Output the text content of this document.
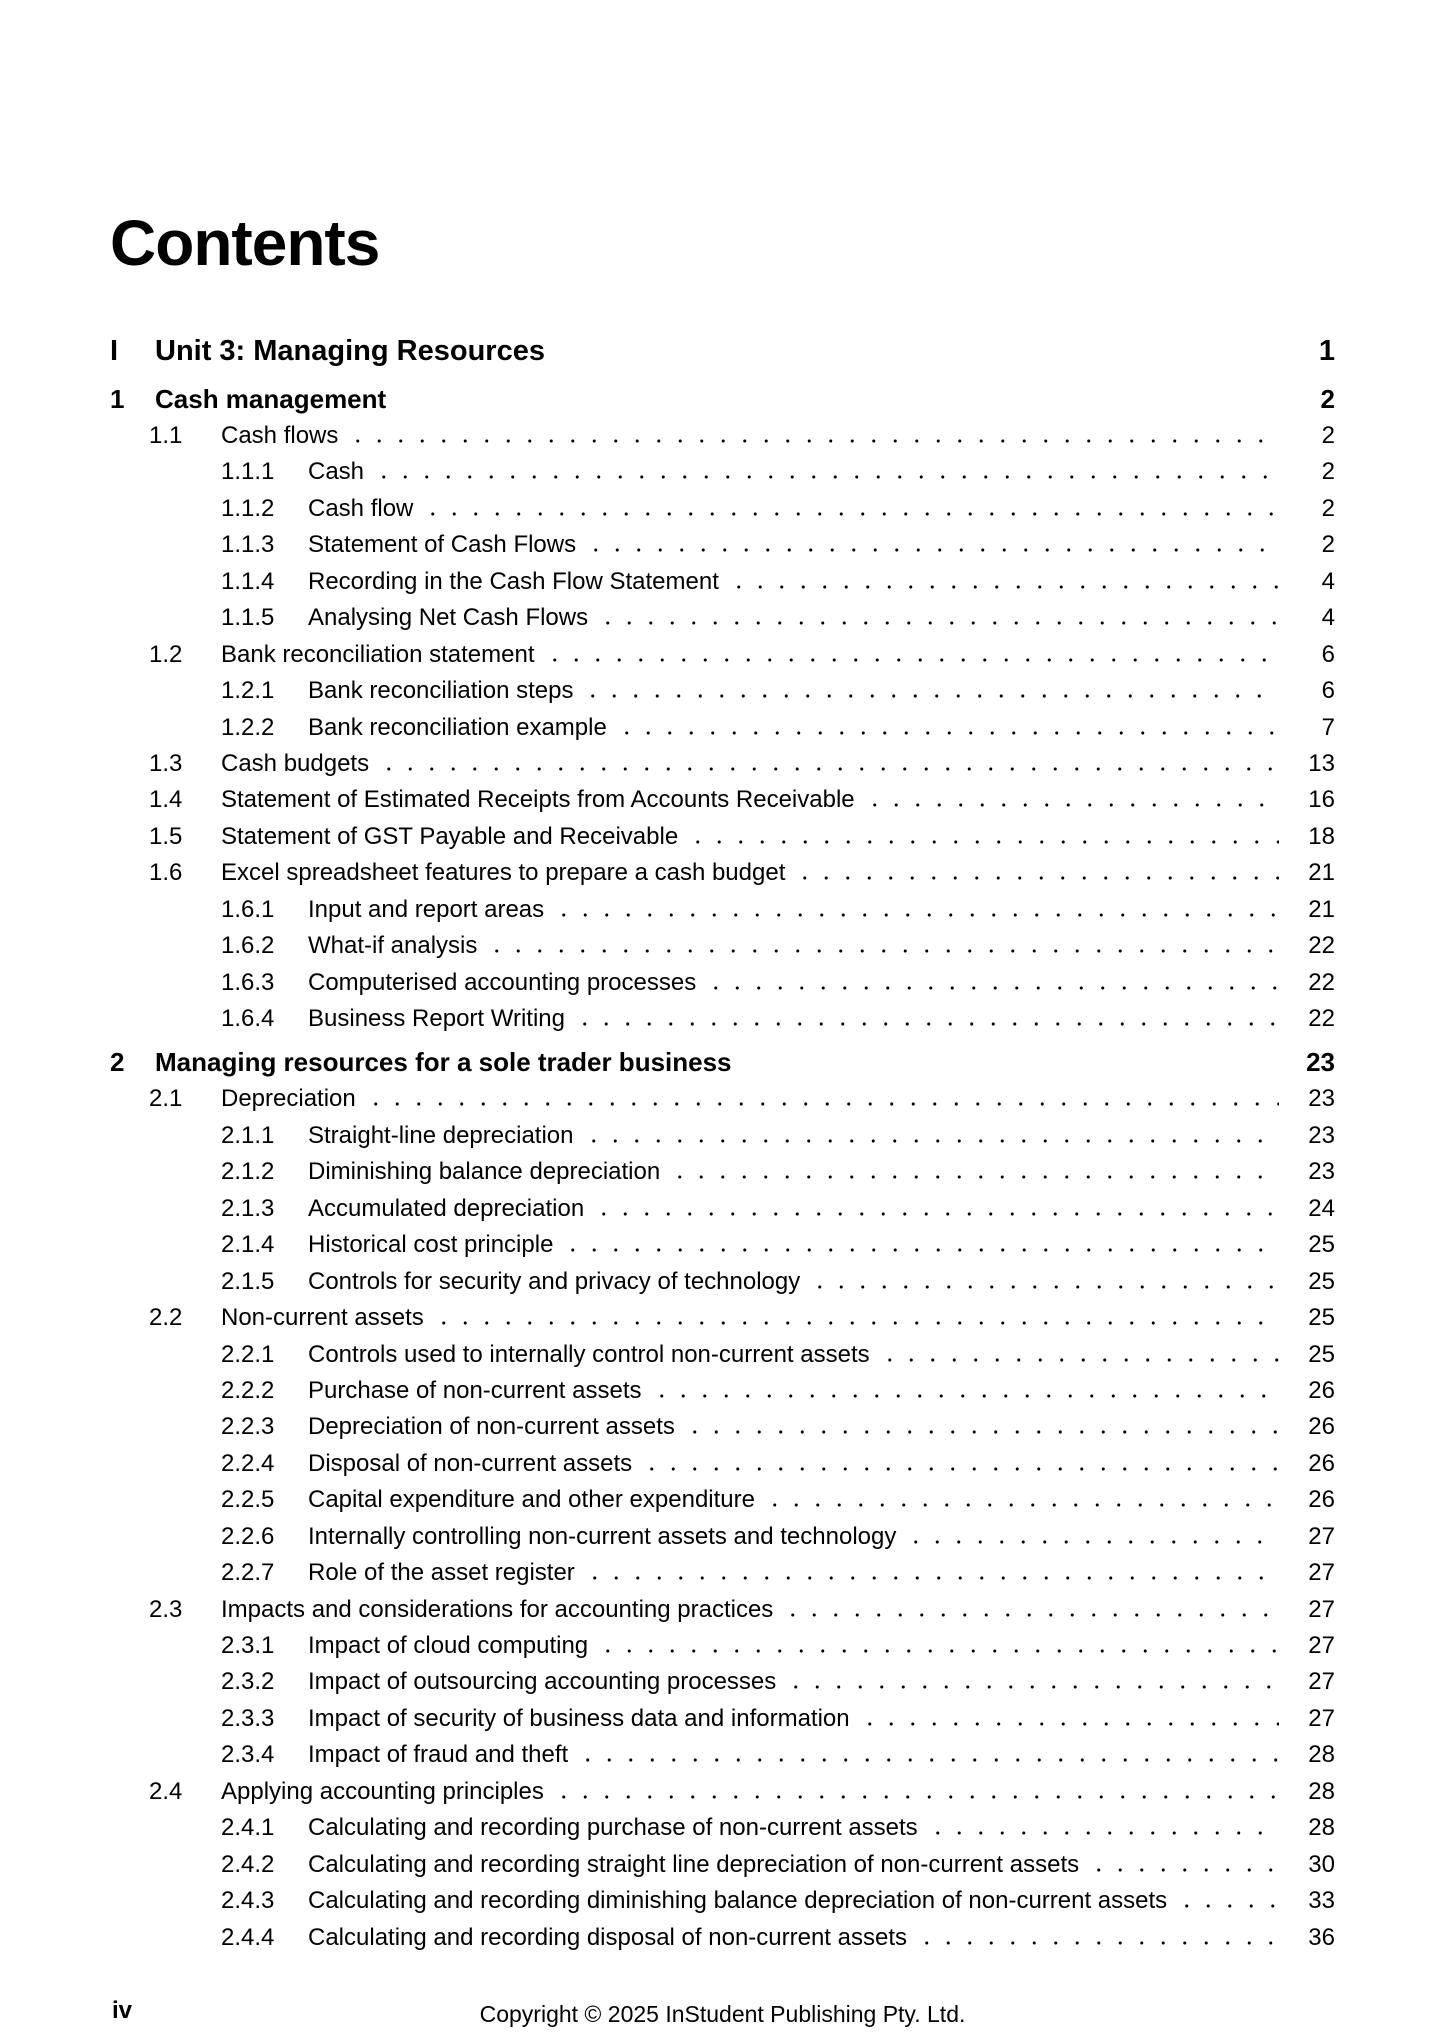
Contents
I	Unit 3: Managing Resources	1
1	Cash management	2
1.1	Cash flows	2
1.1.1	Cash	2
1.1.2	Cash flow	2
1.1.3	Statement of Cash Flows	2
1.1.4	Recording in the Cash Flow Statement	4
1.1.5	Analysing Net Cash Flows	4
1.2	Bank reconciliation statement	6
1.2.1	Bank reconciliation steps	6
1.2.2	Bank reconciliation example	7
1.3	Cash budgets	13
1.4	Statement of Estimated Receipts from Accounts Receivable	16
1.5	Statement of GST Payable and Receivable	18
1.6	Excel spreadsheet features to prepare a cash budget	21
1.6.1	Input and report areas	21
1.6.2	What-if analysis	22
1.6.3	Computerised accounting processes	22
1.6.4	Business Report Writing	22
2	Managing resources for a sole trader business	23
2.1	Depreciation	23
2.1.1	Straight-line depreciation	23
2.1.2	Diminishing balance depreciation	23
2.1.3	Accumulated depreciation	24
2.1.4	Historical cost principle	25
2.1.5	Controls for security and privacy of technology	25
2.2	Non-current assets	25
2.2.1	Controls used to internally control non-current assets	25
2.2.2	Purchase of non-current assets	26
2.2.3	Depreciation of non-current assets	26
2.2.4	Disposal of non-current assets	26
2.2.5	Capital expenditure and other expenditure	26
2.2.6	Internally controlling non-current assets and technology	27
2.2.7	Role of the asset register	27
2.3	Impacts and considerations for accounting practices	27
2.3.1	Impact of cloud computing	27
2.3.2	Impact of outsourcing accounting processes	27
2.3.3	Impact of security of business data and information	27
2.3.4	Impact of fraud and theft	28
2.4	Applying accounting principles	28
2.4.1	Calculating and recording purchase of non-current assets	28
2.4.2	Calculating and recording straight line depreciation of non-current assets	30
2.4.3	Calculating and recording diminishing balance depreciation of non-current assets	33
2.4.4	Calculating and recording disposal of non-current assets	36
iv	Copyright © 2025 InStudent Publishing Pty. Ltd.
